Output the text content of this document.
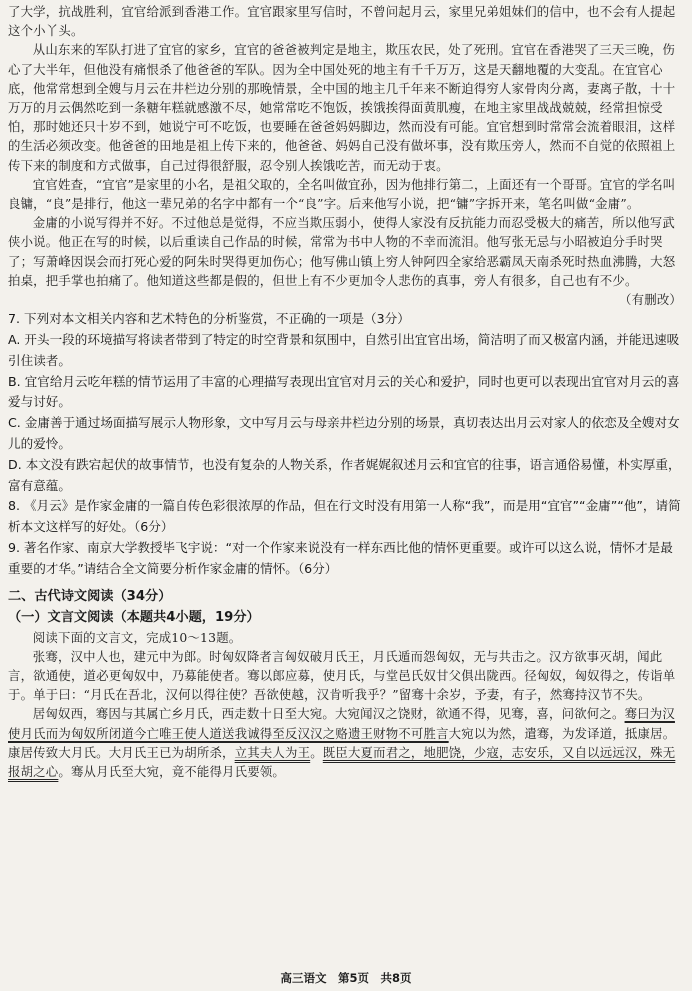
了大学，抗战胜利，宜官给派到香港工作。宜官跟家里写信时，不曾问起月云，家里兄弟姐妹们的信中，也不会有人提起这个小丫头。

从山东来的军队打进了宜官的家乡，宜官的爸爸被判定是地主，欺压农民，处了死刑。宜官在香港哭了三天三晚，伤心了大半年，但他没有痛恨杀了他爸爸的军队。因为全中国处死的地主有千千万万，这是天翻地覆的大变乱。在宜官心底，他常常想到全嫂与月云在井栏边分别的那晚情景，全中国的地主几千年来不断迫得穷人家骨肉分离，妻离子散，十十万万的月云偶然吃到一条糖年糕就感激不尽，她常常吃不饱饭，挨饿挨得面黄肌瘦，在地主家里战战兢兢，经常担惊受怕，那时她还只十岁不到，她说宁可不吃饭，也要睡在爸爸妈妈脚边，然而没有可能。宜官想到时常常会流着眼泪，这样的生活必须改变。他爸爸的田地是祖上传下来的，他爸爸、妈妈自己没有做坏事，没有欺压旁人，然而不自觉的依照祖上传下来的制度和方式做事，自己过得很舒服，忍令别人挨饿吃苦，而无动于衷。

宜官姓查，“宜官”是家里的小名，是祖父取的，全名叫做宜孙，因为他排行第二，上面还有一个哥哥。宜官的学名叫良镛，“良”是排行，他这一辈兄弟的名字中都有一个“良”字。后来他写小说，把“镛”字拆开来，笔名叫做“金庸”。

金庸的小说写得并不好。不过他总是觉得，不应当欺压弱小，使得人家没有反抗能力而忍受极大的痛苦，所以他写武侠小说。他正在写的时候，以后重读自己作品的时候，常常为书中人物的不幸而流泪。他写张无忌与小昭被迫分手时哭了；写萧峰因误会而打死心爱的阿朱时哭得更加伤心；他写佛山镇上穷人钟阿四全家给恶霸凤天南杀死时热血沸腾，大怒拍桌，把手掌也拍痛了。他知道这些都是假的，但世上有不少更加令人悲伤的真事，旁人有很多，自己也有不少。

（有删改）

7. 下列对本文相关内容和艺术特色的分析鉴赏，不正确的一项是（3分）

A. 开头一段的环境描写将读者带到了特定的时空背景和氛围中，自然引出宜官出场，简洁明了而又极富内涵，并能迅速吸引住读者。

B. 宜官给月云吃年糕的情节运用了丰富的心理描写表现出宜官对月云的关心和爱护，同时也更可以表现出宜官对月云的喜爱与讨好。

C. 金庸善于通过场面描写展示人物形象，文中写月云与母亲井栏边分别的场景，真切表达出月云对家人的依恋及全嫂对女儿的爱怜。

D. 本文没有跌宕起伏的故事情节，也没有复杂的人物关系，作者娓娓叙述月云和宜官的往事，语言通俗易懂，朴实厚重，富有意蕴。

8. 《月云》是作家金庸的一篇自传色彩很浓厚的作品，但在行文时没有用第一人称“我”，而是用“宜官”“金庸”“他”，请简析本文这样写的好处。（6分）

9. 著名作家、南京大学教授毕飞宇说：“对一个作家来说没有一样东西比他的情怀更重要。或许可以这么说，情怀才是最重要的才华。”请结合全文简要分析作家金庸的情怀。（6分）

二、古代诗文阅读（34分）

（一）文言文阅读（本题共4小题，19分）

阅读下面的文言文，完成10～13题。

张骞，汉中人也，建元中为郎。时匈奴降者言匈奴破月氏王，月氏遁而怨匈奴，无与共击之。汉方欲事灭胡，闻此言，欲通使，道必更匈奴中，乃募能使者。骞以郎应募，使月氏，与堂邑氏奴甘父俱出陇西。径匈奴，匈奴得之，传诣单于。单于曰：“月氏在吾北，汉何以得往使？吾欲使越，汉肯听我乎？”留骞十余岁，予妻，有子，然骞持汉节不失。

居匈奴西，骞因与其属亡乡月氏，西走数十日至大宛。大宛闻汉之饶财，欲通不得，见骞，喜，问欲何之。骞曰为汉使月氏而为匈奴所闭道今亡唯王使人道送我诚得至反汉汉之赂遗王财物不可胜言大宛以为然，遣骞，为发译道，抵康居。康居传致大月氏。大月氏王已为胡所杀，立其夫人为王。既臣大夏而君之，地肥饶，少寇，志安乐，又自以远远汉，殊无报胡之心。骞从月氏至大宛，竟不能得月氏要领。

高三语文　第5页　共8页
